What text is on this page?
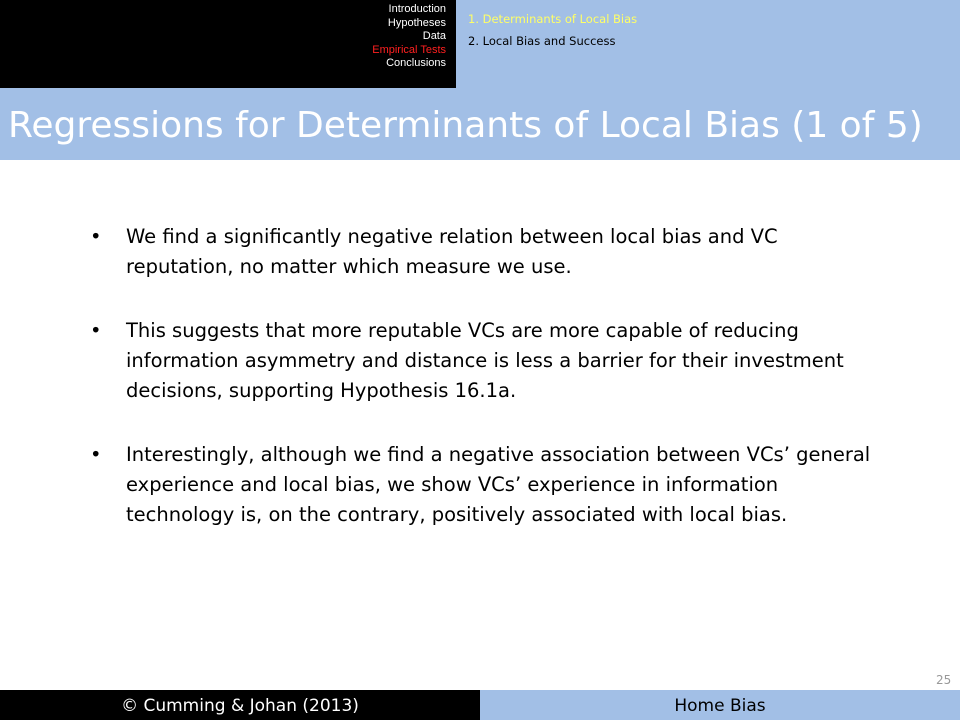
Introduction
Hypotheses
Data
Empirical Tests
Conclusions
1. Determinants of Local Bias
2. Local Bias and Success
Regressions for Determinants of Local Bias (1 of 5)
• We find a significantly negative relation between local bias and VC reputation, no matter which measure we use.
• This suggests that more reputable VCs are more capable of reducing information asymmetry and distance is less a barrier for their investment decisions, supporting Hypothesis 16.1a.
• Interestingly, although we find a negative association between VCs’ general experience and local bias, we show VCs’ experience in information technology is, on the contrary, positively associated with local bias.
25
© Cumming & Johan (2013)	Home Bias
